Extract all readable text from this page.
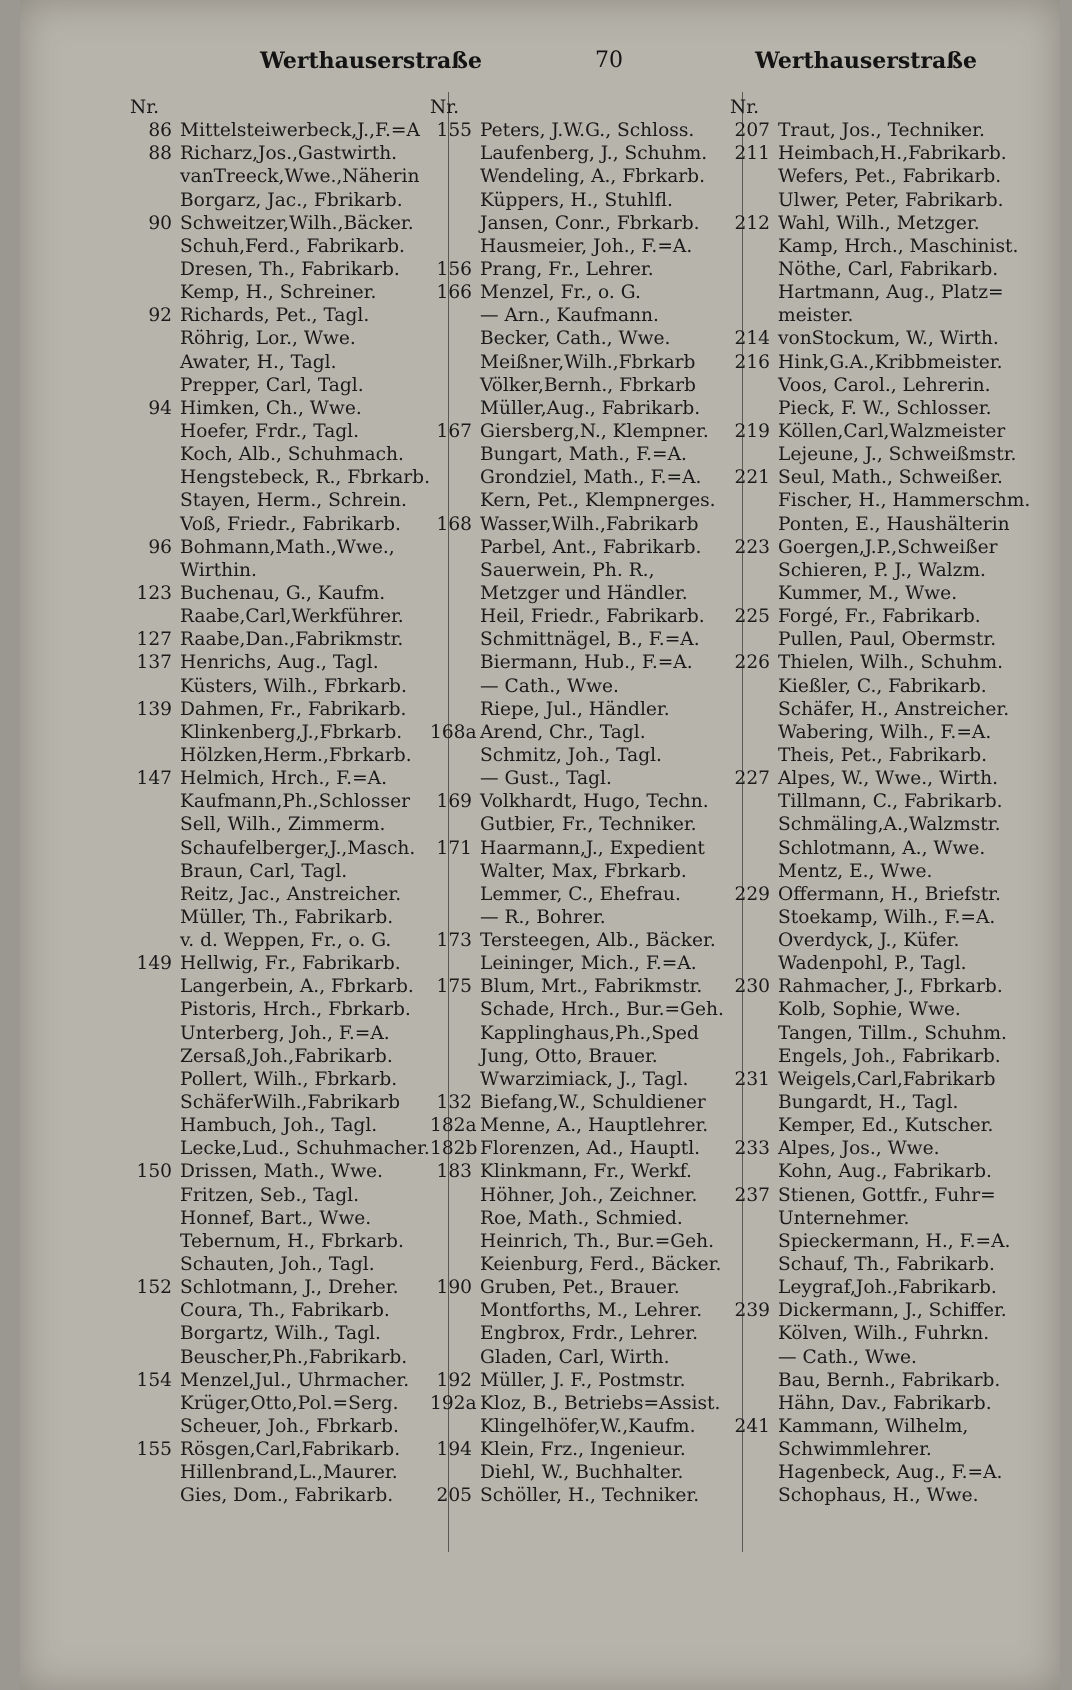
Werthauserstraße	70	Werthauserstraße
Nr.
86 Mittelsteiwerbeck,J.,F.=A
88 Richarz,Jos.,Gastwirth.
vanTreeck,Wwe.,Näherin
Borgarz, Jac., Fbrikarb.
90 Schweitzer,Wilh.,Bäcker.
Schuh,Ferd., Fabrikarb.
Dresen, Th., Fabrikarb.
Kemp, H., Schreiner.
92 Richards, Pet., Tagl.
Röhrig, Lor., Wwe.
Awater, H., Tagl.
Prepper, Carl, Tagl.
94 Himken, Ch., Wwe.
Hoefer, Frdr., Tagl.
Koch, Alb., Schuhmach.
Hengstebeck, R., Fbrkarb.
Stayen, Herm., Schrein.
Voß, Friedr., Fabrikarb.
96 Bohmann,Math.,Wwe.,
Wirthin.
123 Buchenau, G., Kaufm.
Raabe,Carl,Werkführer.
127 Raabe,Dan.,Fabrikmstr.
137 Henrichs, Aug., Tagl.
Küsters, Wilh., Fbrkarb.
139 Dahmen, Fr., Fabrikarb.
Klinkenberg,J.,Fbrkarb.
Hölzken,Herm.,Fbrkarb.
147 Helmich, Hrch., F.=A.
Kaufmann,Ph.,Schlosser
Sell, Wilh., Zimmerm.
Schaufelberger,J.,Masch.
Braun, Carl, Tagl.
Reitz, Jac., Anstreicher.
Müller, Th., Fabrikarb.
v. d. Weppen, Fr., o. G.
149 Hellwig, Fr., Fabrikarb.
Langerbein, A., Fbrkarb.
Pistoris, Hrch., Fbrkarb.
Unterberg, Joh., F.=A.
Zersaß,Joh.,Fabrikarb.
Pollert, Wilh., Fbrkarb.
SchäferWilh.,Fabrikarb
Hambuch, Joh., Tagl.
Lecke,Lud., Schuhmacher.
150 Drissen, Math., Wwe.
Fritzen, Seb., Tagl.
Honnef, Bart., Wwe.
Tebernum, H., Fbrkarb.
Schauten, Joh., Tagl.
152 Schlotmann, J., Dreher.
Coura, Th., Fabrikarb.
Borgartz, Wilh., Tagl.
Beuscher,Ph.,Fabrikarb.
154 Menzel,Jul., Uhrmacher.
Krüger,Otto,Pol.=Serg.
Scheuer, Joh., Fbrkarb.
155 Rösgen,Carl,Fabrikarb.
Hillenbrand,L.,Maurer.
Gies, Dom., Fabrikarb.
Nr.
155 Peters, J.W.G., Schloss.
Laufenberg, J., Schuhm.
Wendeling, A., Fbrkarb.
Küppers, H., Stuhlfl.
Jansen, Conr., Fbrkarb.
Hausmeier, Joh., F.=A.
156 Prang, Fr., Lehrer.
166 Menzel, Fr., o. G.
— Arn., Kaufmann.
Becker, Cath., Wwe.
Meißner,Wilh.,Fbrkarb
Völker,Bernh., Fbrkarb
Müller,Aug., Fabrikarb.
167 Giersberg,N., Klempner.
Bungart, Math., F.=A.
Grondziel, Math., F.=A.
Kern, Pet., Klempnerges.
168 Wasser,Wilh.,Fabrikarb
Parbel, Ant., Fabrikarb.
Sauerwein, Ph. R.,
Metzger und Händler.
Heil, Friedr., Fabrikarb.
Schmittnägel, B., F.=A.
Biermann, Hub., F.=A.
— Cath., Wwe.
Riepe, Jul., Händler.
168a Arend, Chr., Tagl.
Schmitz, Joh., Tagl.
— Gust., Tagl.
169 Volkhardt, Hugo, Techn.
Gutbier, Fr., Techniker.
171 Haarmann,J., Expedient
Walter, Max, Fbrkarb.
Lemmer, C., Ehefrau.
— R., Bohrer.
173 Tersteegen, Alb., Bäcker.
Leininger, Mich., F.=A.
175 Blum, Mrt., Fabrikmstr.
Schade, Hrch., Bur.=Geh.
Kapplinghaus,Ph.,Sped
Jung, Otto, Brauer.
Wwarzimiack, J., Tagl.
132 Biefang,W., Schuldiener
182a Menne, A., Hauptlehrer.
182b Florenzen, Ad., Hauptl.
183 Klinkmann, Fr., Werkf.
Höhner, Joh., Zeichner.
Roe, Math., Schmied.
Heinrich, Th., Bur.=Geh.
Keienburg, Ferd., Bäcker.
190 Gruben, Pet., Brauer.
Montforths, M., Lehrer.
Engbrox, Frdr., Lehrer.
Gladen, Carl, Wirth.
192 Müller, J. F., Postmstr.
192a Kloz, B., Betriebs=Assist.
Klingelhöfer,W.,Kaufm.
194 Klein, Frz., Ingenieur.
Diehl, W., Buchhalter.
205 Schöller, H., Techniker.
Nr.
207 Traut, Jos., Techniker.
211 Heimbach,H.,Fabrikarb.
Wefers, Pet., Fabrikarb.
Ulwer, Peter, Fabrikarb.
212 Wahl, Wilh., Metzger.
Kamp, Hrch., Maschinist.
Nöthe, Carl, Fabrikarb.
Hartmann, Aug., Platz=
meister.
214 vonStockum, W., Wirth.
216 Hink,G.A.,Kribbmeister.
Voos, Carol., Lehrerin.
Pieck, F. W., Schlosser.
219 Köllen,Carl,Walzmeister
Lejeune, J., Schweißmstr.
221 Seul, Math., Schweißer.
Fischer, H., Hammerschm.
Ponten, E., Haushälterin
223 Goergen,J.P.,Schweißer
Schieren, P. J., Walzm.
Kummer, M., Wwe.
225 Forgé, Fr., Fabrikarb.
Pullen, Paul, Obermstr.
226 Thielen, Wilh., Schuhm.
Kießler, C., Fabrikarb.
Schäfer, H., Anstreicher.
Wabering, Wilh., F.=A.
Theis, Pet., Fabrikarb.
227 Alpes, W., Wwe., Wirth.
Tillmann, C., Fabrikarb.
Schmäling,A.,Walzmstr.
Schlotmann, A., Wwe.
Mentz, E., Wwe.
229 Offermann, H., Briefstr.
Stoekamp, Wilh., F.=A.
Overdyck, J., Küfer.
Wadenpohl, P., Tagl.
230 Rahmacher, J., Fbrkarb.
Kolb, Sophie, Wwe.
Tangen, Tillm., Schuhm.
Engels, Joh., Fabrikarb.
231 Weigels,Carl,Fabrikarb
Bungardt, H., Tagl.
Kemper, Ed., Kutscher.
233 Alpes, Jos., Wwe.
Kohn, Aug., Fabrikarb.
237 Stienen, Gottfr., Fuhr=
Unternehmer.
Spieckermann, H., F.=A.
Schauf, Th., Fabrikarb.
Leygraf,Joh.,Fabrikarb.
239 Dickermann, J., Schiffer.
Kölven, Wilh., Fuhrkn.
— Cath., Wwe.
Bau, Bernh., Fabrikarb.
Hähn, Dav., Fabrikarb.
241 Kammann, Wilhelm,
Schwimmlehrer.
Hagenbeck, Aug., F.=A.
Schophaus, H., Wwe.
